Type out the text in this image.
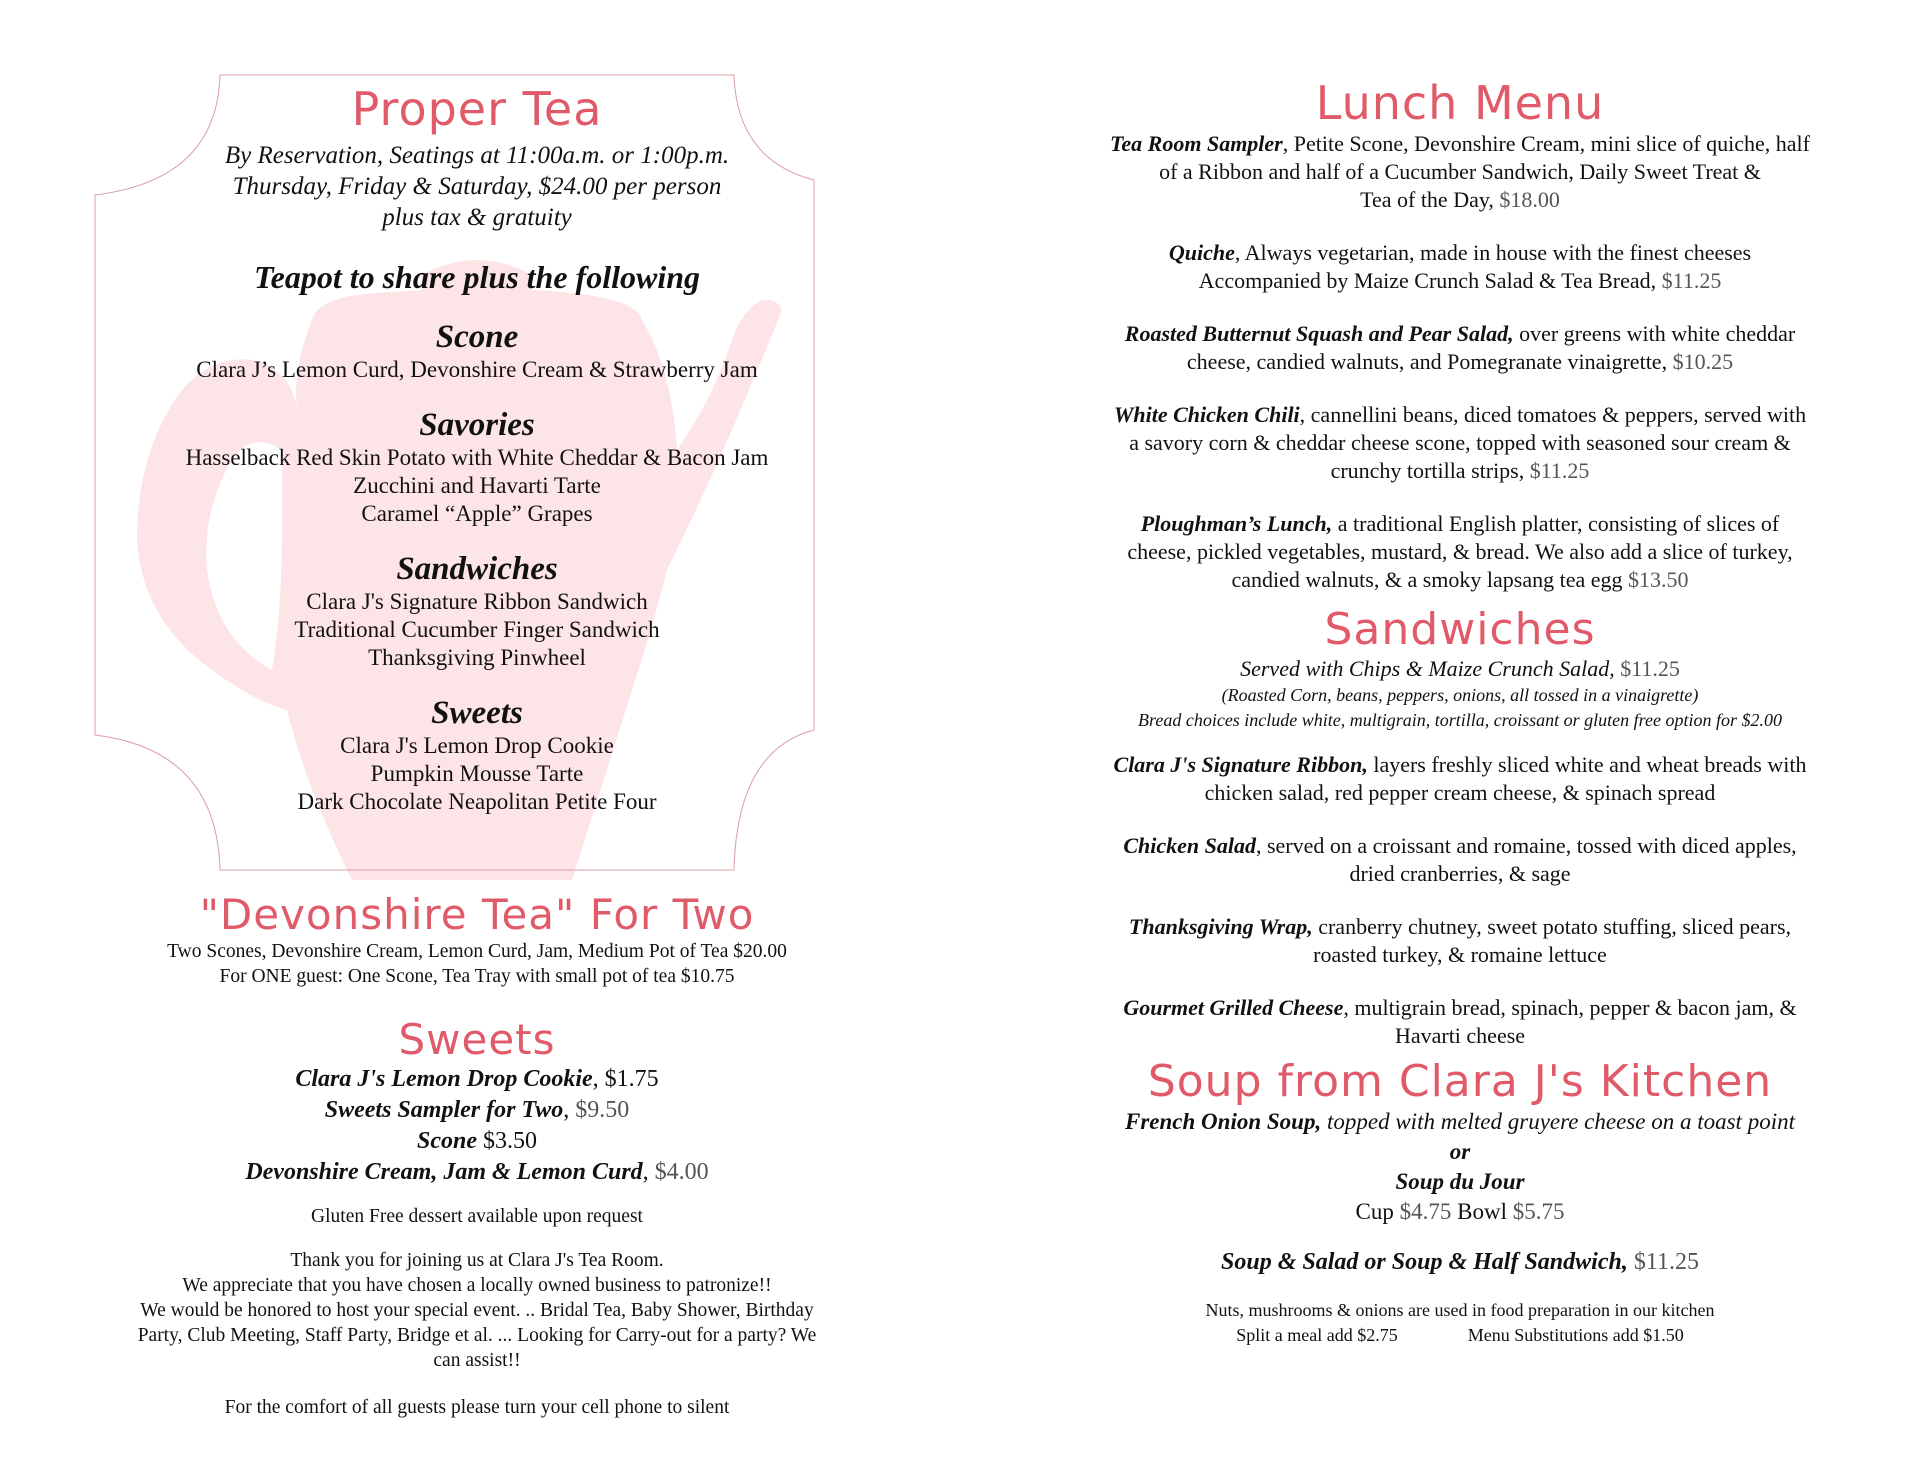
Proper Tea

By Reservation, Seatings at 11:00a.m. or 1:00p.m.

Thursday, Friday & Saturday, $24.00 per person

plus tax & gratuity

Teapot to share plus the following

Scone

Clara J’s Lemon Curd, Devonshire Cream & Strawberry Jam

Savories

Hasselback Red Skin Potato with White Cheddar & Bacon Jam

Zucchini and Havarti Tarte

Caramel “Apple” Grapes

Sandwiches

Clara J's Signature Ribbon Sandwich

Traditional Cucumber Finger Sandwich

Thanksgiving Pinwheel

Sweets

Clara J's Lemon Drop Cookie

Pumpkin Mousse Tarte

Dark Chocolate Neapolitan Petite Four

"Devonshire Tea" For Two

Two Scones, Devonshire Cream, Lemon Curd, Jam, Medium Pot of Tea $20.00

For ONE guest: One Scone, Tea Tray with small pot of tea $10.75

Sweets

Clara J's Lemon Drop Cookie, $1.75

Sweets Sampler for Two, $9.50

Scone $3.50

Devonshire Cream, Jam & Lemon Curd, $4.00

Gluten Free dessert available upon request

Thank you for joining us at Clara J's Tea Room.

We appreciate that you have chosen a locally owned business to patronize!!

We would be honored to host your special event. .. Bridal Tea, Baby Shower, Birthday

Party, Club Meeting, Staff Party, Bridge et al. ... Looking for Carry-out for a party? We

can assist!!

For the comfort of all guests please turn your cell phone to silent

Lunch Menu
Tea Room Sampler, Petite Scone, Devonshire Cream, mini slice of quiche, half
of a Ribbon and half of a Cucumber Sandwich, Daily Sweet Treat &
Tea of the Day, $18.00
Quiche, Always vegetarian, made in house with the finest cheeses
Accompanied by Maize Crunch Salad & Tea Bread, $11.25
Roasted Butternut Squash and Pear Salad, over greens with white cheddar
cheese, candied walnuts, and Pomegranate vinaigrette, $10.25
White Chicken Chili, cannellini beans, diced tomatoes & peppers, served with
a savory corn & cheddar cheese scone, topped with seasoned sour cream &
crunchy tortilla strips, $11.25
Ploughman’s Lunch, a traditional English platter, consisting of slices of
cheese, pickled vegetables, mustard, & bread. We also add a slice of turkey,
candied walnuts, & a smoky lapsang tea egg $13.50
Sandwiches

Served with Chips & Maize Crunch Salad, $11.25

(Roasted Corn, beans, peppers, onions, all tossed in a vinaigrette)

Bread choices include white, multigrain, tortilla, croissant or gluten free option for $2.00

Clara J's Signature Ribbon, layers freshly sliced white and wheat breads with
chicken salad, red pepper cream cheese, & spinach spread
Chicken Salad, served on a croissant and romaine, tossed with diced apples,
dried cranberries, & sage
Thanksgiving Wrap, cranberry chutney, sweet potato stuffing, sliced pears,
roasted turkey, & romaine lettuce
Gourmet Grilled Cheese, multigrain bread, spinach, pepper & bacon jam, &
Havarti cheese
Soup from Clara J's Kitchen

French Onion Soup, topped with melted gruyere cheese on a toast point

or

Soup du Jour

Cup $4.75 Bowl $5.75

Soup & Salad or Soup & Half Sandwich, $11.25

Nuts, mushrooms & onions are used in food preparation in our kitchen

Split a meal add $2.75	Menu Substitutions add $1.50
